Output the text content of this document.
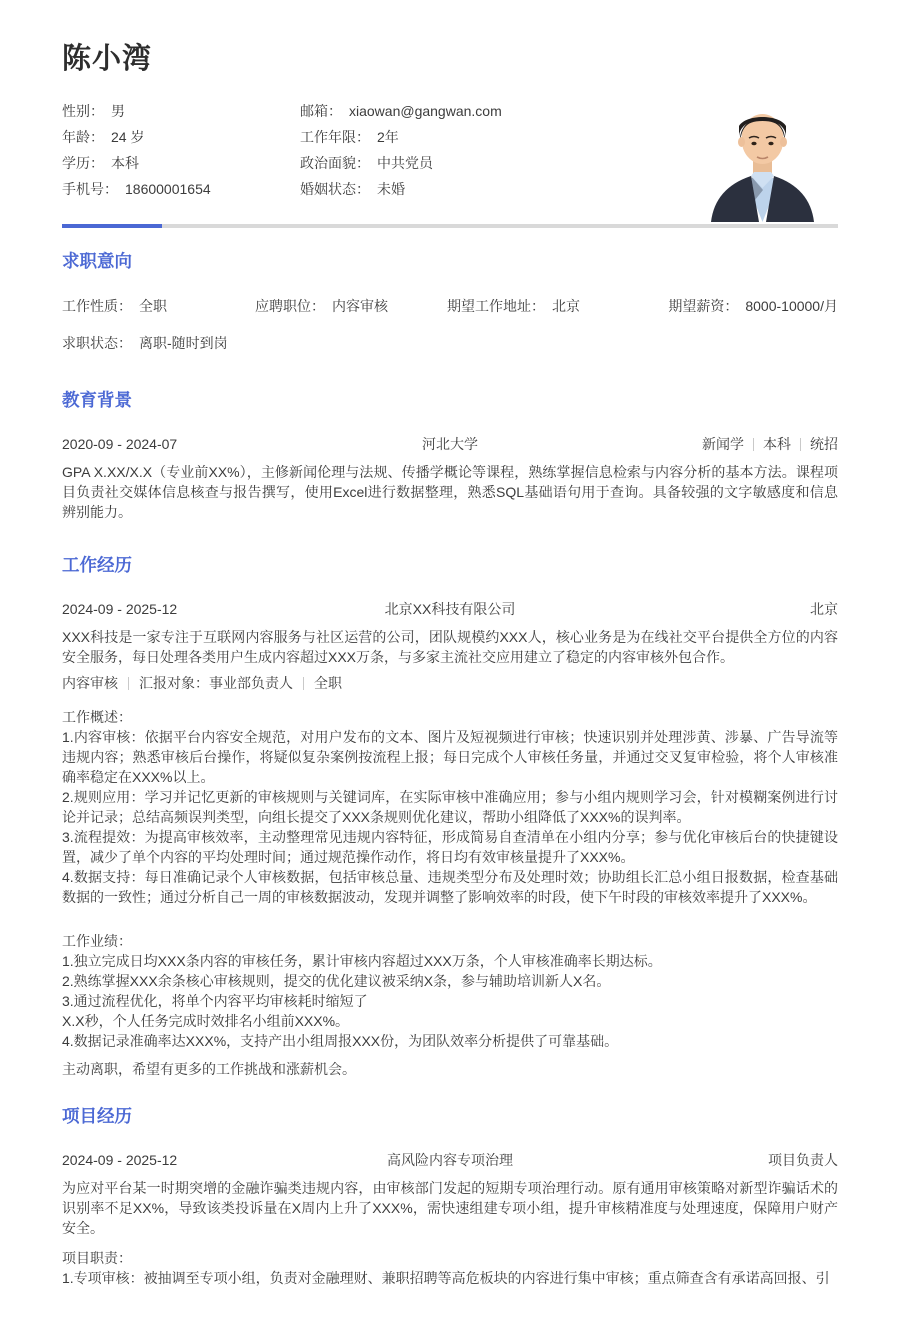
陈小湾
性别： 男
年龄： 24 岁
学历： 本科
手机号： 18600001654
邮箱： xiaowan@gangwan.com
工作年限： 2年
政治面貌： 中共党员
婚姻状态： 未婚
求职意向
工作性质： 全职	应聘职位： 内容审核	期望工作地址： 北京	期望薪资： 8000-10000/月
求职状态： 离职-随时到岗
教育背景
2020-09 - 2024-07	河北大学	新闻学 本科 统招

GPA X.XX/X.X（专业前XX%），主修新闻伦理与法规、传播学概论等课程，熟练掌握信息检索与内容分析的基本方法。课程项目负责社交媒体信息核查与报告撰写，使用Excel进行数据整理，熟悉SQL基础语句用于查询。具备较强的文字敏感度和信息辨别能力。

工作经历
2024-09 - 2025-12	北京XX科技有限公司	北京

XXX科技是一家专注于互联网内容服务与社区运营的公司，团队规模约XXX人，核心业务是为在线社交平台提供全方位的内容安全服务，每日处理各类用户生成内容超过XXX万条，与多家主流社交应用建立了稳定的内容审核外包合作。

内容审核 汇报对象：事业部负责人 全职
工作概述：
1.内容审核：依据平台内容安全规范，对用户发布的文本、图片及短视频进行审核；快速识别并处理涉黄、涉暴、广告导流等违规内容；熟悉审核后台操作，将疑似复杂案例按流程上报；每日完成个人审核任务量，并通过交叉复审检验，将个人审核准确率稳定在XXX%以上。
2.规则应用：学习并记忆更新的审核规则与关键词库，在实际审核中准确应用；参与小组内规则学习会，针对模糊案例进行讨论并记录；总结高频误判类型，向组长提交了XXX条规则优化建议，帮助小组降低了XXX%的误判率。
3.流程提效：为提高审核效率，主动整理常见违规内容特征，形成简易自查清单在小组内分享；参与优化审核后台的快捷键设置，减少了单个内容的平均处理时间；通过规范操作动作，将日均有效审核量提升了XXX%。
4.数据支持：每日准确记录个人审核数据，包括审核总量、违规类型分布及处理时效；协助组长汇总小组日报数据，检查基础数据的一致性；通过分析自己一周的审核数据波动，发现并调整了影响效率的时段，使下午时段的审核效率提升了XXX%。
工作业绩：
1.独立完成日均XXX条内容的审核任务，累计审核内容超过XXX万条，个人审核准确率长期达标。
2.熟练掌握XXX余条核心审核规则，提交的优化建议被采纳X条，参与辅助培训新人X名。
3.通过流程优化，将单个内容平均审核耗时缩短了
X.X秒，个人任务完成时效排名小组前XXX%。
4.数据记录准确率达XXX%，支持产出小组周报XXX份，为团队效率分析提供了可靠基础。

主动离职，希望有更多的工作挑战和涨薪机会。

项目经历
2024-09 - 2025-12	高风险内容专项治理	项目负责人

为应对平台某一时期突增的金融诈骗类违规内容，由审核部门发起的短期专项治理行动。原有通用审核策略对新型诈骗话术的识别率不足XX%，导致该类投诉量在X周内上升了XXX%，需快速组建专项小组，提升审核精准度与处理速度，保障用户财产安全。

项目职责：
1.专项审核：被抽调至专项小组，负责对金融理财、兼职招聘等高危板块的内容进行集中审核；重点筛查含有承诺高回报、引
